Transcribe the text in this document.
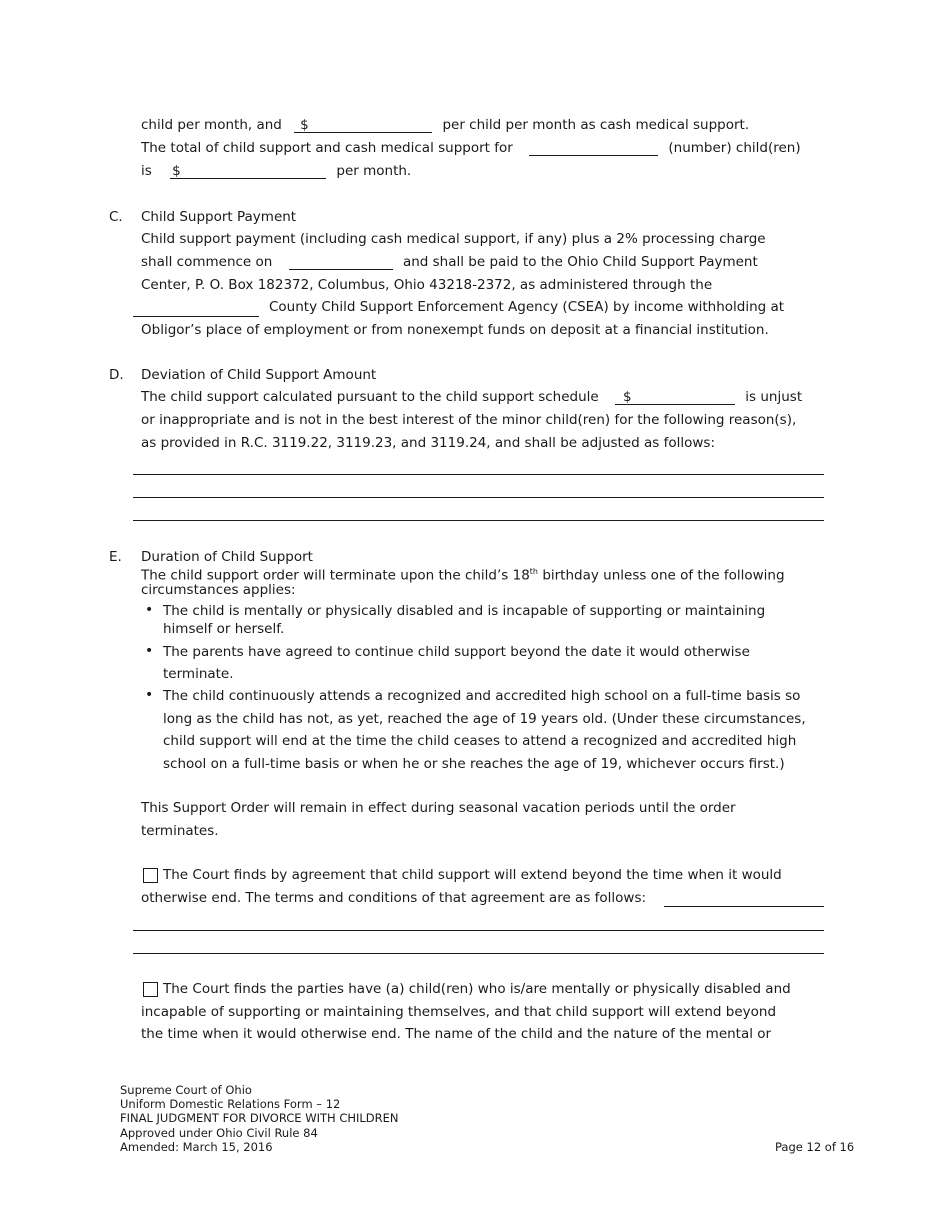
child per month, and $	per child per month as cash medical support.
The total of child support and cash medical support for	(number) child(ren)
is $	per month.
C. Child Support Payment
Child support payment (including cash medical support, if any) plus a 2% processing charge
shall commence on	and shall be paid to the Ohio Child Support Payment
Center, P. O. Box 182372, Columbus, Ohio 43218-2372, as administered through the
County Child Support Enforcement Agency (CSEA) by income withholding at
Obligor’s place of employment or from nonexempt funds on deposit at a financial institution.
D. Deviation of Child Support Amount
The child support calculated pursuant to the child support schedule $	is unjust
or inappropriate and is not in the best interest of the minor child(ren) for the following reason(s),
as provided in R.C. 3119.22, 3119.23, and 3119.24, and shall be adjusted as follows:
E. Duration of Child Support
The child support order will terminate upon the child’s 18th birthday unless one of the following
circumstances applies:
• The child is mentally or physically disabled and is incapable of supporting or maintaining
himself or herself.
• The parents have agreed to continue child support beyond the date it would otherwise
terminate.
• The child continuously attends a recognized and accredited high school on a full-time basis so
long as the child has not, as yet, reached the age of 19 years old. (Under these circumstances,
child support will end at the time the child ceases to attend a recognized and accredited high
school on a full-time basis or when he or she reaches the age of 19, whichever occurs first.)
This Support Order will remain in effect during seasonal vacation periods until the order
terminates.
The Court finds by agreement that child support will extend beyond the time when it would
otherwise end. The terms and conditions of that agreement are as follows:
The Court finds the parties have (a) child(ren) who is/are mentally or physically disabled and
incapable of supporting or maintaining themselves, and that child support will extend beyond
the time when it would otherwise end. The name of the child and the nature of the mental or
Supreme Court of Ohio
Uniform Domestic Relations Form – 12
FINAL JUDGMENT FOR DIVORCE WITH CHILDREN
Approved under Ohio Civil Rule 84
Amended: March 15, 2016	Page 12 of 16
